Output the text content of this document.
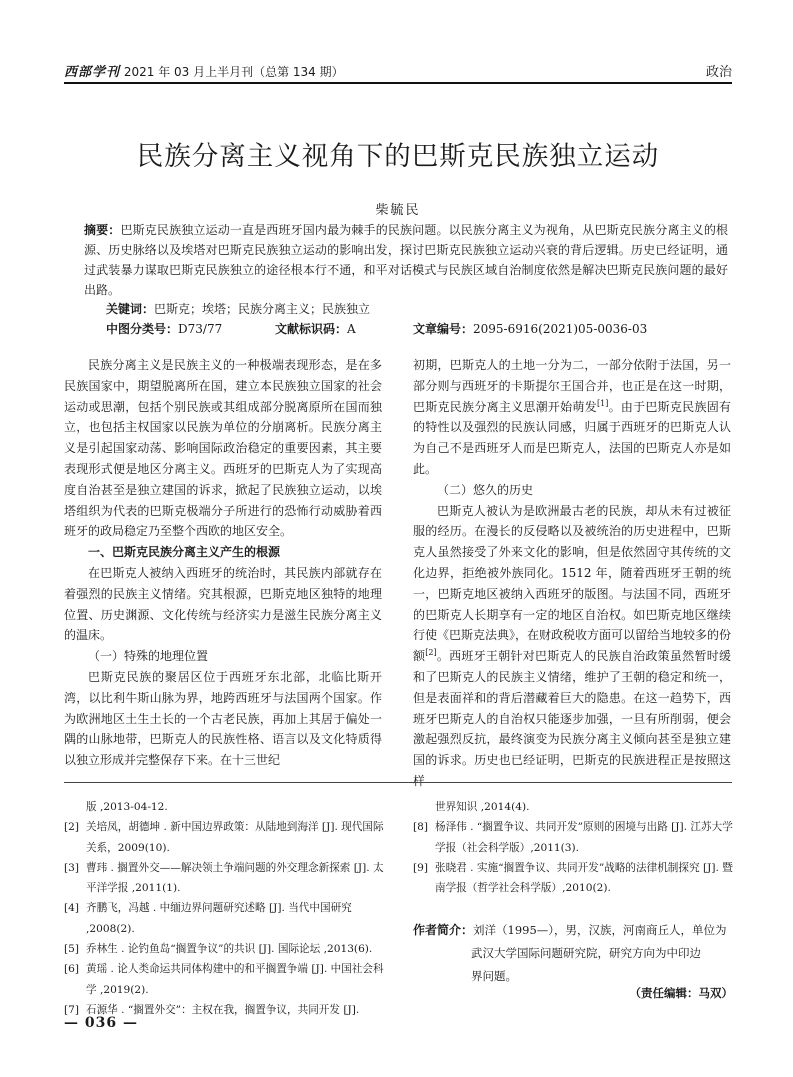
西部学刊 2021 年 03 月上半月刊（总第 134 期）	政治
民族分离主义视角下的巴斯克民族独立运动
柴毓民
摘要：巴斯克民族独立运动一直是西班牙国内最为棘手的民族问题。以民族分离主义为视角，从巴斯克民族分离主义的根源、历史脉络以及埃塔对巴斯克民族独立运动的影响出发，探讨巴斯克民族独立运动兴衰的背后逻辑。历史已经证明，通过武装暴力谋取巴斯克民族独立的途径根本行不通，和平对话模式与民族区域自治制度依然是解决巴斯克民族问题的最好出路。
关键词：巴斯克；埃塔；民族分离主义；民族独立
中图分类号：D73/77	文献标识码：A	文章编号：2095-6916(2021)05-0036-03

民族分离主义是民族主义的一种极端表现形态，是在多民族国家中，期望脱离所在国，建立本民族独立国家的社会运动或思潮，包括个别民族或其组成部分脱离原所在国而独立，也包括主权国家以民族为单位的分崩离析。民族分离主义是引起国家动荡、影响国际政治稳定的重要因素，其主要表现形式便是地区分离主义。西班牙的巴斯克人为了实现高度自治甚至是独立建国的诉求，掀起了民族独立运动，以埃塔组织为代表的巴斯克极端分子所进行的恐怖行动威胁着西班牙的政局稳定乃至整个西欧的地区安全。

一、巴斯克民族分离主义产生的根源

在巴斯克人被纳入西班牙的统治时，其民族内部就存在着强烈的民族主义情绪。究其根源，巴斯克地区独特的地理位置、历史渊源、文化传统与经济实力是滋生民族分离主义的温床。

（一）特殊的地理位置

巴斯克民族的聚居区位于西班牙东北部，北临比斯开湾，以比利牛斯山脉为界，地跨西班牙与法国两个国家。作为欧洲地区土生土长的一个古老民族，再加上其居于偏处一隅的山脉地带，巴斯克人的民族性格、语言以及文化特质得以独立形成并完整保存下来。在十三世纪

初期，巴斯克人的土地一分为二，一部分依附于法国，另一部分则与西班牙的卡斯提尔王国合并，也正是在这一时期，巴斯克民族分离主义思潮开始萌发[1]。由于巴斯克民族固有的特性以及强烈的民族认同感，归属于西班牙的巴斯克人认为自己不是西班牙人而是巴斯克人，法国的巴斯克人亦是如此。

（二）悠久的历史

巴斯克人被认为是欧洲最古老的民族，却从未有过被征服的经历。在漫长的反侵略以及被统治的历史进程中，巴斯克人虽然接受了外来文化的影响，但是依然固守其传统的文化边界，拒绝被外族同化。1512 年，随着西班牙王朝的统一，巴斯克地区被纳入西班牙的版图。与法国不同，西班牙的巴斯克人长期享有一定的地区自治权。如巴斯克地区继续行使《巴斯克法典》，在财政税收方面可以留给当地较多的份额[2]。西班牙王朝针对巴斯克人的民族自治政策虽然暂时缓和了巴斯克人的民族主义情绪，维护了王朝的稳定和统一，但是表面祥和的背后潜藏着巨大的隐患。在这一趋势下，西班牙巴斯克人的自治权只能逐步加强，一旦有所削弱，便会激起强烈反抗，最终演变为民族分离主义倾向甚至是独立建国的诉求。历史也已经证明，巴斯克的民族进程正是按照这样

版 ,2013-04-12.
[2] 关培凤，胡德坤 . 新中国边界政策：从陆地到海洋 [J]. 现代国际关系，2009(10).
[3] 曹玮 . 搁置外交——解决领土争端问题的外交理念新探索 [J]. 太平洋学报 ,2011(1).
[4] 齐鹏飞，冯越 . 中缅边界问题研究述略 [J]. 当代中国研究 ,2008(2).
[5] 乔林生 . 论钓鱼岛“搁置争议”的共识 [J]. 国际论坛 ,2013(6).
[6] 黄瑶 . 论人类命运共同体构建中的和平搁置争端 [J]. 中国社会科学 ,2019(2).
[7] 石源华 . “搁置外交”：主权在我，搁置争议，共同开发 [J].
世界知识 ,2014(4).
[8] 杨泽伟 . “搁置争议、共同开发”原则的困境与出路 [J]. 江苏大学学报（社会科学版）,2011(3).
[9] 张晓君 . 实施“搁置争议、共同开发”战略的法律机制探究 [J]. 暨南学报（哲学社会科学版）,2010(2).
作者简介：刘洋（1995—），男，汉族，河南商丘人，单位为
武汉大学国际问题研究院，研究方向为中印边
界问题。
（责任编辑：马双）
— 036 —
